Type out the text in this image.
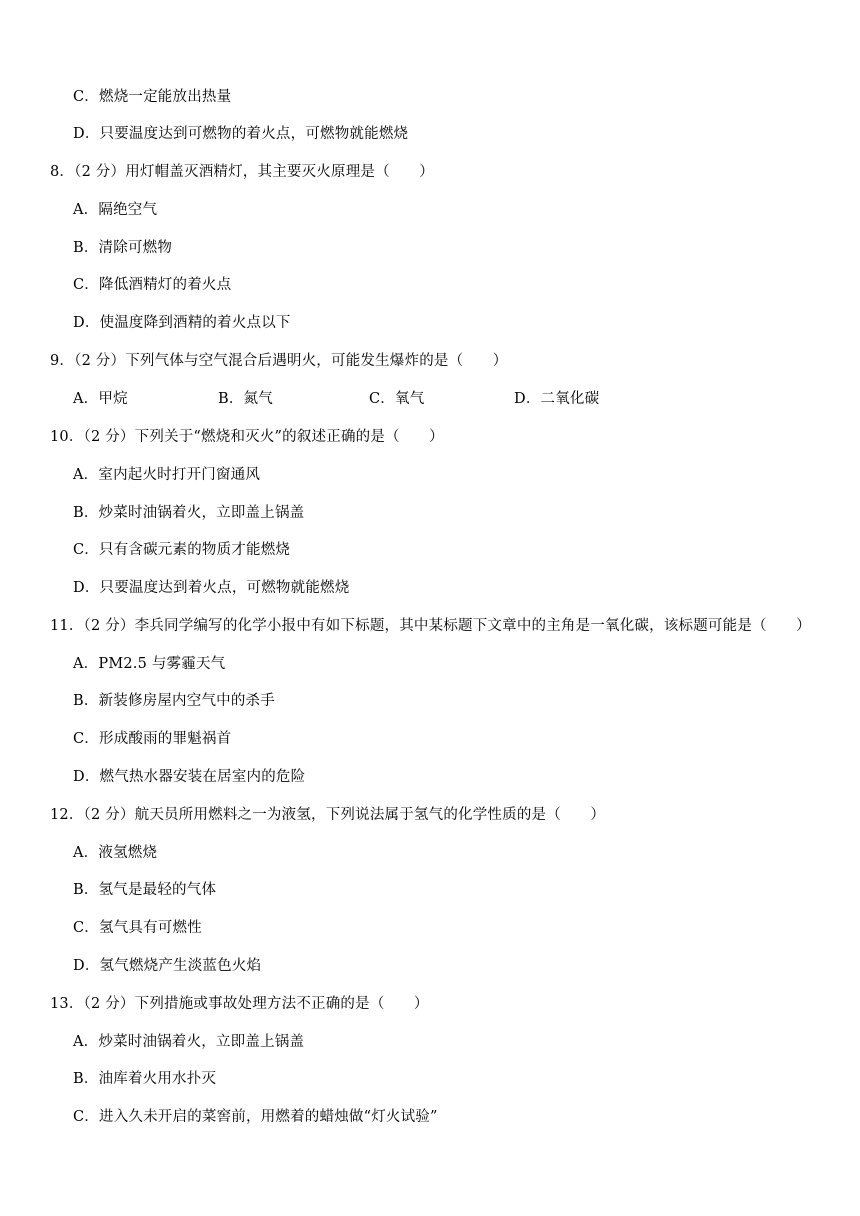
C．燃烧一定能放出热量
D．只要温度达到可燃物的着火点，可燃物就能燃烧
8．（2 分）用灯帽盖灭酒精灯，其主要灭火原理是（　　）
A．隔绝空气
B．清除可燃物
C．降低酒精灯的着火点
D．使温度降到酒精的着火点以下
9．（2 分）下列气体与空气混合后遇明火，可能发生爆炸的是（　　）
A．甲烷	B．氮气	C．氧气	D．二氧化碳
10．（2 分）下列关于“燃烧和灭火”的叙述正确的是（　　）
A．室内起火时打开门窗通风
B．炒菜时油锅着火，立即盖上锅盖
C．只有含碳元素的物质才能燃烧
D．只要温度达到着火点，可燃物就能燃烧
11．（2 分）李兵同学编写的化学小报中有如下标题，其中某标题下文章中的主角是一氧化碳，该标题可能是（　　）
A．PM2.5 与雾霾天气
B．新装修房屋内空气中的杀手
C．形成酸雨的罪魁祸首
D．燃气热水器安装在居室内的危险
12．（2 分）航天员所用燃料之一为液氢，下列说法属于氢气的化学性质的是（　　）
A．液氢燃烧
B．氢气是最轻的气体
C．氢气具有可燃性
D．氢气燃烧产生淡蓝色火焰
13．（2 分）下列措施或事故处理方法不正确的是（　　）
A．炒菜时油锅着火，立即盖上锅盖
B．油库着火用水扑灭
C．进入久未开启的菜窖前，用燃着的蜡烛做“灯火试验”
